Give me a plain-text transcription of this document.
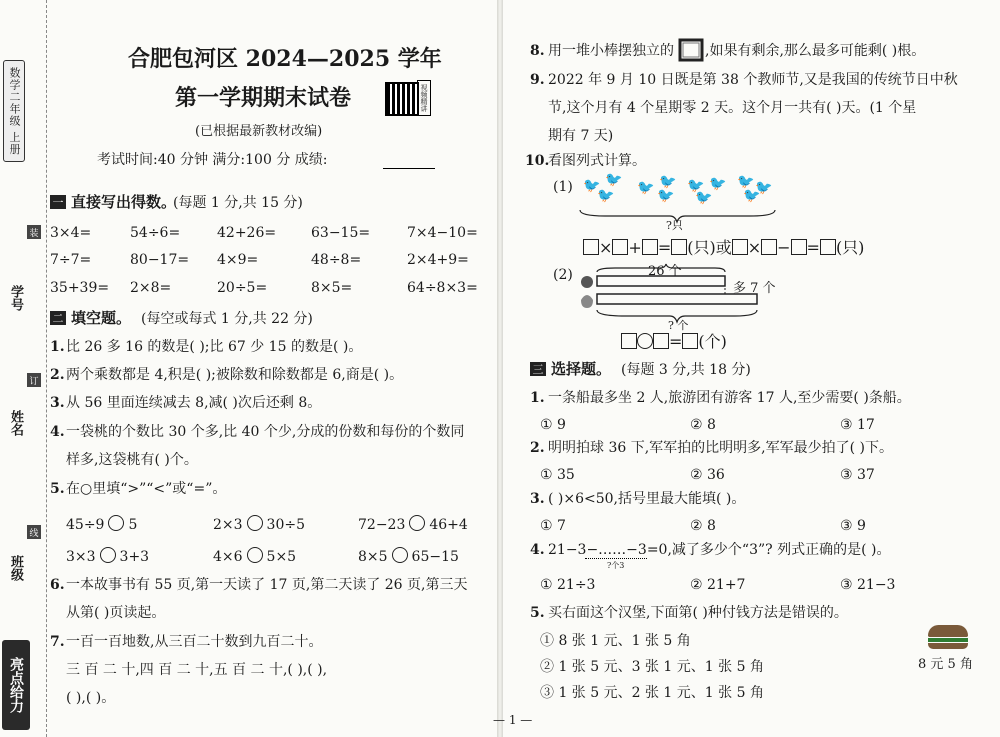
数学二年级 上册
学号
姓名
班级
装
订
线
亮点给力
合肥包河区 2024—2025 学年
第一学期期末试卷	视频精讲
(已根据最新教材改编)
考试时间:40 分钟 满分:100 分 成绩:
一 直接写出得数。
(每题 1 分,共 15 分)
3×4=	54÷6=	42+26= 63−15=	7×4−10=
7÷7=	80−17= 4×9=	48÷8=	2×4+9=
35+39= 2×8=	20÷5=	8×5=	64÷8×3=
二 填空题。 (每空或每式 1 分,共 22 分)
1. 比 26 多 16 的数是( );比 67 少 15 的数是( )。
2. 两个乘数都是 4,积是( );被除数和除数都是 6,商是( )。
3. 从 56 里面连续减去 8,减( )次后还剩 8。
4. 一袋桃的个数比 30 个多,比 40 个少,分成的份数和每份的个数同
样多,这袋桃有( )个。
5. 在○里填“>”“<”或“=”。
45÷9 5	2×3 30÷5	72−23 46+4
3×3 3+3	4×6 5×5	8×5 65−15
6. 一本故事书有 55 页,第一天读了 17 页,第二天读了 26 页,第三天
从第( )页读起。
7. 一百一百地数,从三百二十数到九百二十。
三 百 二 十,四 百 二 十,五 百 二 十,( ),( ),
( ),( )。
8. 用一堆小棒摆独立的 ,如果有剩余,那么最多可能剩( )根。
9. 2022 年 9 月 10 日既是第 38 个教师节,又是我国的传统节日中秋
节,这个月有 4 个星期零 2 天。这个月一共有( )天。(1 个星
期有 7 天)
10.
看图列式计算。
(1) 🐦 🐦
🐦 🐦 🐦
🐦
🐦 🐦
🐦
🐦 🐦
🐦
?只
× + = (只)或 × − = (只)
(2)	26 个
多 7 个
? 个
= (个)
三 选择题。 (每题 3 分,共 18 分)
1. 一条船最多坐 2 人,旅游团有游客 17 人,至少需要( )条船。
① 9	② 8	③ 17
2. 明明拍球 36 下,军军拍的比明明多,军军最少拍了( )下。
① 35	② 36	③ 37
3. ( )×6<50,括号里最大能填( )。
① 7	② 8	③ 9
4. 21−3−……−3=0,减了多少个“3”? 列式正确的是( )。
?个3
① 21÷3	② 21+7	③ 21−3
5. 买右面这个汉堡,下面第( )种付钱方法是错误的。
① 8 张 1 元、1 张 5 角
② 1 张 5 元、3 张 1 元、1 张 5 角
③ 1 张 5 元、2 张 1 元、1 张 5 角
— 1 —
8 元 5 角
